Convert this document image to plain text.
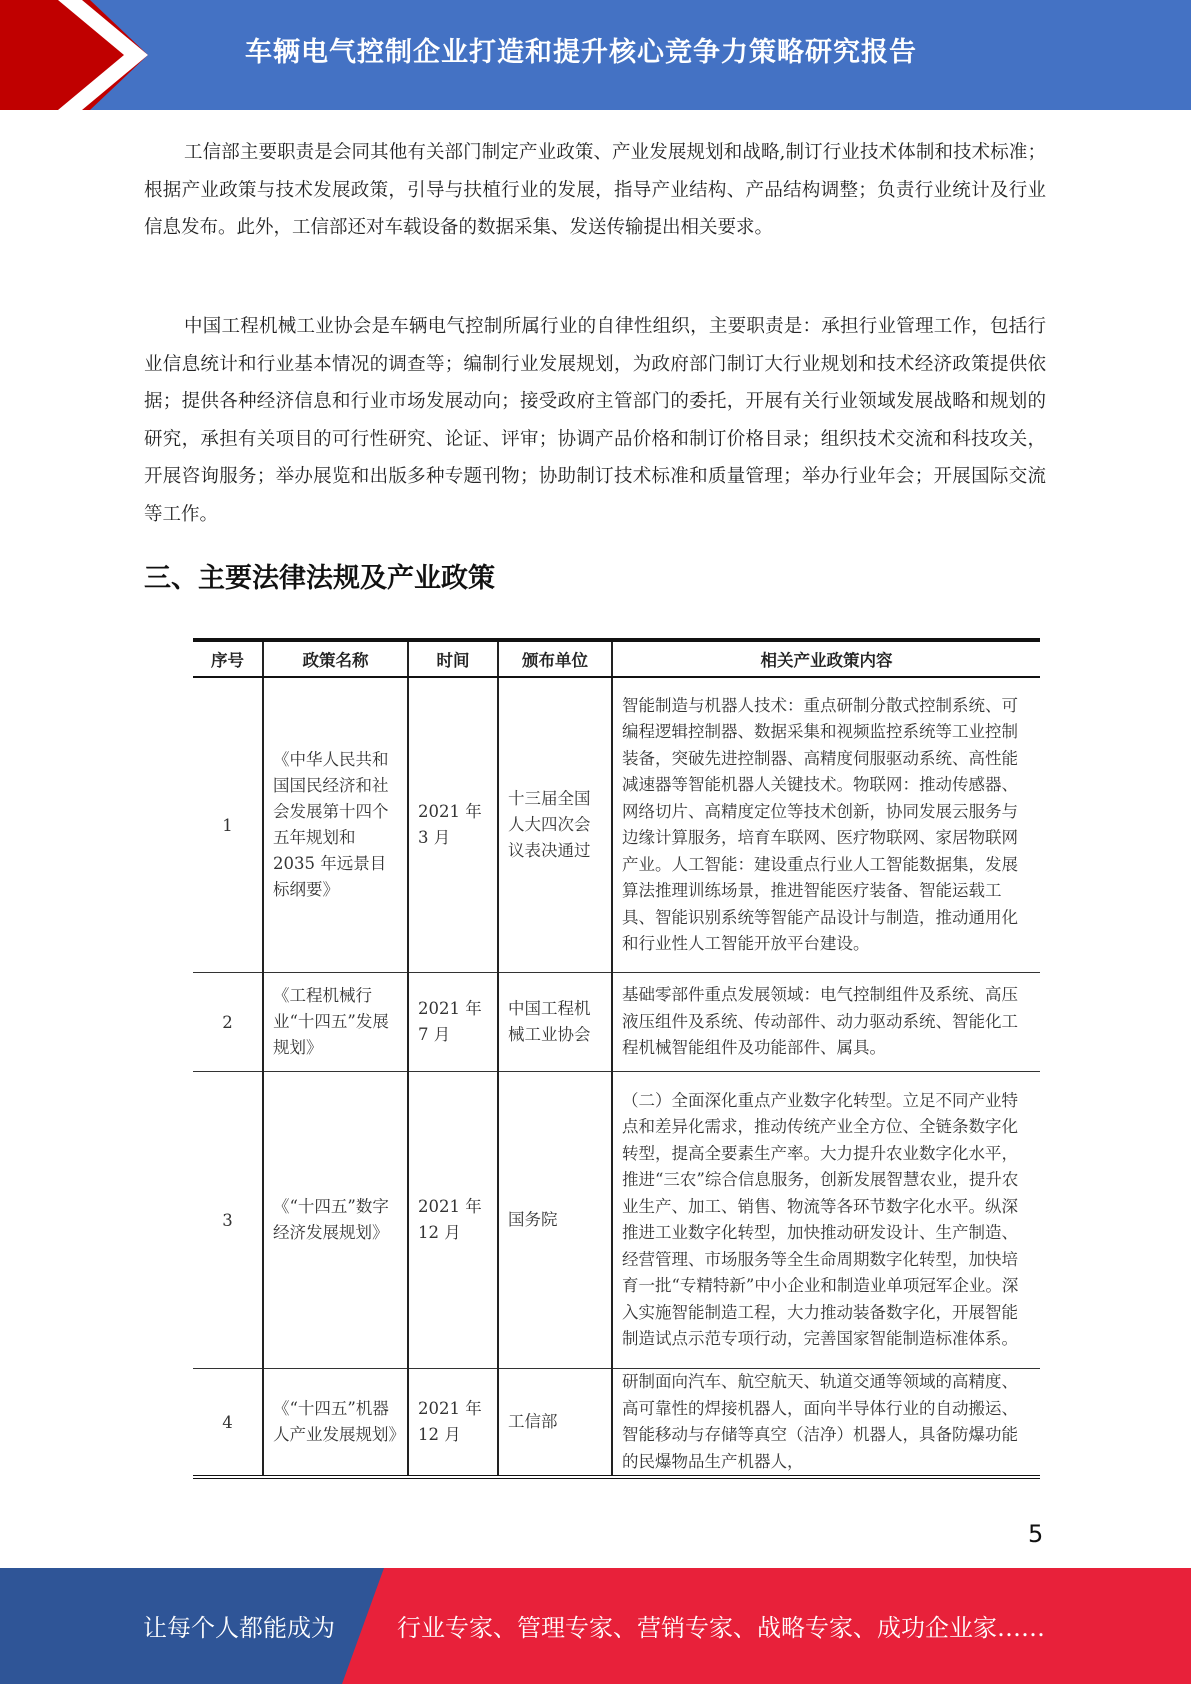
车辆电气控制企业打造和提升核心竞争力策略研究报告

工信部主要职责是会同其他有关部门制定产业政策、产业发展规划和战略,制订行业技术体制和技术标准；根据产业政策与技术发展政策，引导与扶植行业的发展，指导产业结构、产品结构调整；负责行业统计及行业信息发布。此外，工信部还对车载设备的数据采集、发送传输提出相关要求。

中国工程机械工业协会是车辆电气控制所属行业的自律性组织，主要职责是：承担行业管理工作，包括行业信息统计和行业基本情况的调查等；编制行业发展规划，为政府部门制订大行业规划和技术经济政策提供依据；提供各种经济信息和行业市场发展动向；接受政府主管部门的委托，开展有关行业领域发展战略和规划的研究，承担有关项目的可行性研究、论证、评审；协调产品价格和制订价格目录；组织技术交流和科技攻关，开展咨询服务；举办展览和出版多种专题刊物；协助制订技术标准和质量管理；举办行业年会；开展国际交流等工作。

三、主要法律法规及产业政策
序号	政策名称	时间	颁布单位	相关产业政策内容
1	《中华人民共和国国民经济和社会发展第十四个五年规划和 2035 年远景目标纲要》	2021 年 3 月	十三届全国人大四次会议表决通过	智能制造与机器人技术：重点研制分散式控制系统、可编程逻辑控制器、数据采集和视频监控系统等工业控制装备，突破先进控制器、高精度伺服驱动系统、高性能减速器等智能机器人关键技术。物联网：推动传感器、网络切片、高精度定位等技术创新，协同发展云服务与边缘计算服务，培育车联网、医疗物联网、家居物联网产业。人工智能：建设重点行业人工智能数据集，发展算法推理训练场景，推进智能医疗装备、智能运载工具、智能识别系统等智能产品设计与制造，推动通用化和行业性人工智能开放平台建设。
2	《工程机械行业“十四五”发展规划》	2021 年 7 月	中国工程机械工业协会	基础零部件重点发展领域：电气控制组件及系统、高压液压组件及系统、传动部件、动力驱动系统、智能化工程机械智能组件及功能部件、属具。
3	《“十四五”数字经济发展规划》	2021 年 12 月	国务院	（二）全面深化重点产业数字化转型。立足不同产业特点和差异化需求，推动传统产业全方位、全链条数字化转型，提高全要素生产率。大力提升农业数字化水平，推进“三农”综合信息服务，创新发展智慧农业，提升农业生产、加工、销售、物流等各环节数字化水平。纵深推进工业数字化转型，加快推动研发设计、生产制造、经营管理、市场服务等全生命周期数字化转型，加快培育一批“专精特新”中小企业和制造业单项冠军企业。深入实施智能制造工程，大力推动装备数字化，开展智能制造试点示范专项行动，完善国家智能制造标准体系。
4	《“十四五”机器人产业发展规划》	2021 年 12 月	工信部	研制面向汽车、航空航天、轨道交通等领域的高精度、高可靠性的焊接机器人，面向半导体行业的自动搬运、智能移动与存储等真空（洁净）机器人，具备防爆功能的民爆物品生产机器人，
5
让每个人都能成为	行业专家、管理专家、营销专家、战略专家、成功企业家……
